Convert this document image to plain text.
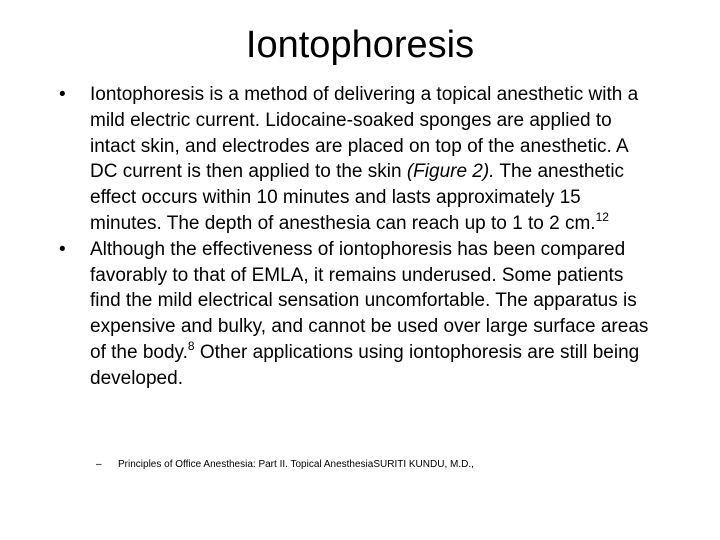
Iontophoresis
• Iontophoresis is a method of delivering a topical anesthetic with a mild electric current. Lidocaine-soaked sponges are applied to intact skin, and electrodes are placed on top of the anesthetic. A DC current is then applied to the skin (Figure 2). The anesthetic effect occurs within 10 minutes and lasts approximately 15 minutes. The depth of anesthesia can reach up to 1 to 2 cm.$^{12}$
• Although the effectiveness of iontophoresis has been compared favorably to that of EMLA, it remains underused. Some patients find the mild electrical sensation uncomfortable. The apparatus is expensive and bulky, and cannot be used over large surface areas of the body.$^8$ Other applications using iontophoresis are still being developed.
– Principles of Office Anesthesia: Part II. Topical AnesthesiaSURITI KUNDU, M.D.,
